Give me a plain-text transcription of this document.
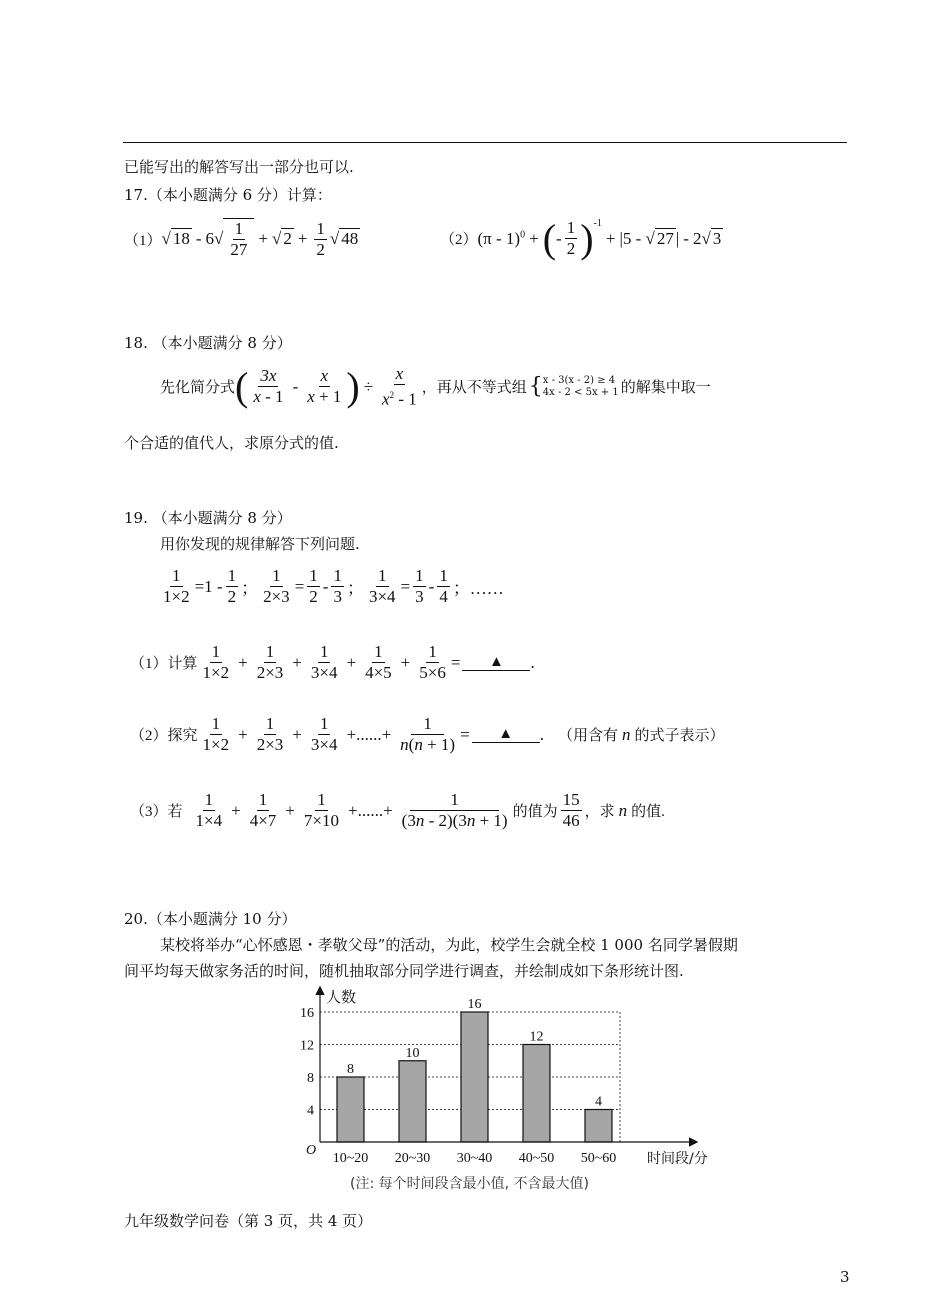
已能写出的解答写出一部分也可以.
17.（本小题满分 6 分）计算：
（1） √ 18 - 6 √ $\frac{1}{27}$ + √ $2 + \frac{1}{2}$ √ 48	（2） (π - 1)$^0$ + ( - $\frac{1}{2} )^{-1}$
+ |5 - √ 27 | - 2√ 3
18. （本小题满分 8 分）
先化简分式 ( $\frac{3x}{x - 1} - \frac{x}{x + 1}$ ) ÷ $\frac{x}{x^2 - 1}$ ，再从不等式组 { x - 3(x - 2) ≥ 4
4x - 2 < 5x + 1 的解集中取一
个合适的值代人，求原分式的值.
19. （本小题满分 8 分）
用你发现的规律解答下列问题.
$\frac{1}{1\times 2} =1 - \frac{1}{2}$ ； $\frac{1}{2\times 3} = \frac{1}{2} - \frac{1}{3}$ ； $\frac{1}{3\times 4} = \frac{1}{3} - \frac{1}{4}$ ；……
（1）计算 $\frac{1}{1\times 2} + \frac{1}{2\times 3} + \frac{1}{3\times 4} + \frac{1}{4\times 5} + \frac{1}{5\times 6}$ =	▲	.
（2）探究 $\frac{1}{1\times 2} + \frac{1}{2\times 3} + \frac{1}{3\times 4}$ +......+ $\frac{1}{n(n + 1)}$ =	▲	. （用含有 n 的式子表示）
（3）若 $\frac{1}{1\times 4} + \frac{1}{4\times 7} + \frac{1}{7\times 10}$ +......+ $\frac{1}{(3n - 2)(3n + 1)}$ 的值为 $\frac{15}{46}$ ，求 n 的值.
20.（本小题满分 10 分）
某校将举办“心怀感恩・孝敬父母”的活动，为此，校学生会就全校 1 000 名同学暑假期
间平均每天做家务活的时间，随机抽取部分同学进行调查，并绘制成如下条形统计图.
4
8
12
16
8
10~20
10
20~30
16
30~40
12
40~50
4
50~60
人数
时间段/分
O
(注: 每个时间段含最小值, 不含最大值)
九年级数学问卷（第 3 页，共 4 页）
3
